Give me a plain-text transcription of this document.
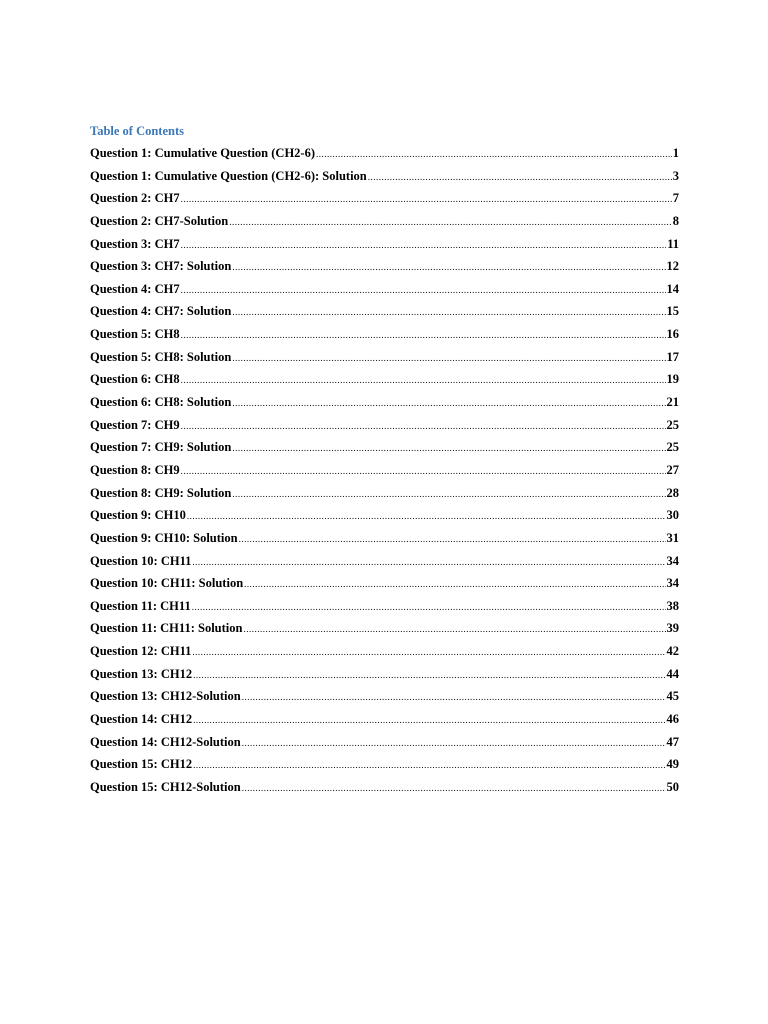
Table of Contents
Question 1: Cumulative Question (CH2-6) .....	1
Question 1: Cumulative Question (CH2-6): Solution .....	3
Question 2: CH7 .....	7
Question 2: CH7-Solution .....	8
Question 3: CH7 .....	11
Question 3: CH7: Solution .....	12
Question 4: CH7 .....	14
Question 4: CH7: Solution .....	15
Question 5: CH8 .....	16
Question 5: CH8: Solution .....	17
Question 6: CH8 .....	19
Question 6: CH8: Solution .....	21
Question 7: CH9 .....	25
Question 7: CH9: Solution .....	25
Question 8: CH9 .....	27
Question 8: CH9: Solution .....	28
Question 9: CH10 .....	30
Question 9: CH10: Solution .....	31
Question 10: CH11 .....	34
Question 10: CH11: Solution .....	34
Question 11: CH11 .....	38
Question 11: CH11: Solution .....	39
Question 12: CH11 .....	42
Question 13: CH12 .....	44
Question 13: CH12-Solution .....	45
Question 14: CH12 .....	46
Question 14: CH12-Solution .....	47
Question 15: CH12 .....	49
Question 15: CH12-Solution .....	50
